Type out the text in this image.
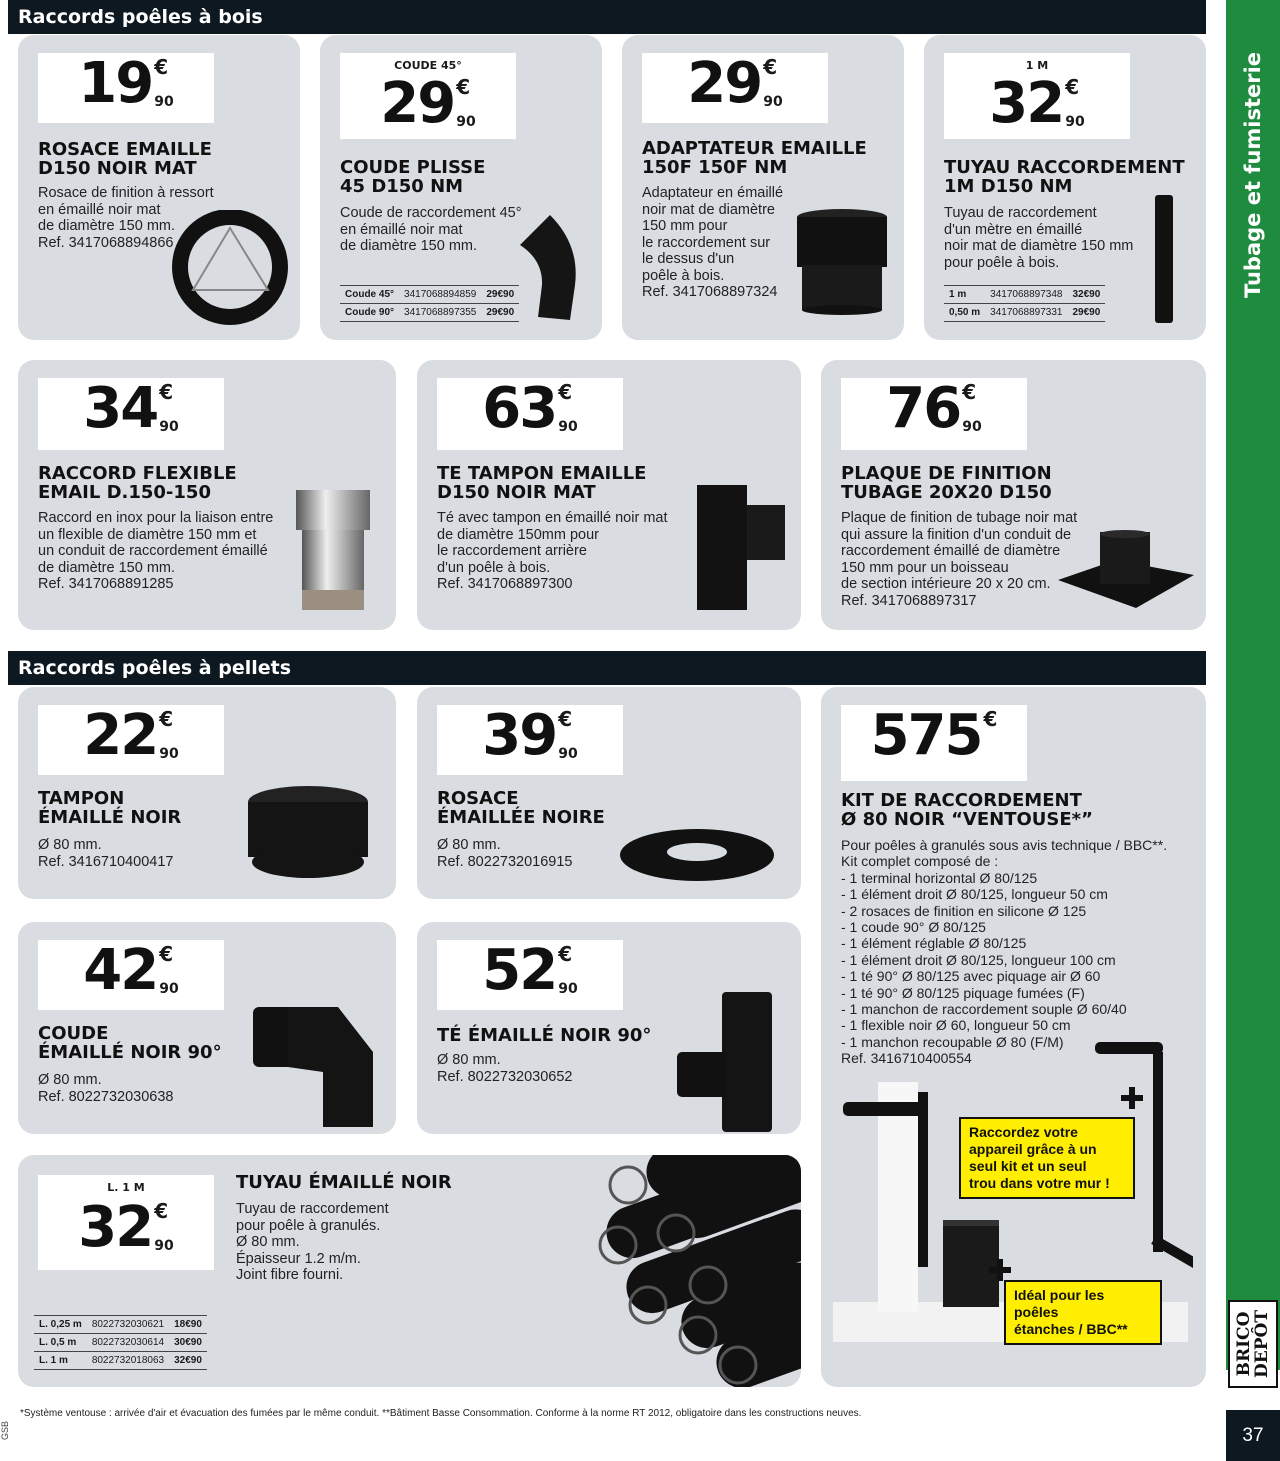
Raccords poêles à bois
Raccords poêles à pellets
Tubage et fumisterie
BRICO
DEPÔT
37
19 €
90
ROSACE EMAILLE
D150 NOIR MAT
Rosace de finition à ressort
en émaillé noir mat
de diamètre 150 mm.
Ref. 3417068894866
COUDE 45°
29 €
90
COUDE PLISSE
45 D150 NM
Coude de raccordement 45°
en émaillé noir mat
de diamètre 150 mm.
Coude 45°	3417068894859	29€90
Coude 90°	3417068897355	29€90
29 €
90
ADAPTATEUR EMAILLE
150F 150F NM
Adaptateur en émaillé
noir mat de diamètre
150 mm pour
le raccordement sur
le dessus d'un
poêle à bois.
Ref. 3417068897324
1 M
32 €
90
TUYAU RACCORDEMENT
1M D150 NM
Tuyau de raccordement
d'un mètre en émaillé
noir mat de diamètre 150 mm
pour poêle à bois.
1 m	3417068897348	32€90
0,50 m	3417068897331	29€90
34 €
90
RACCORD FLEXIBLE
EMAIL D.150-150
Raccord en inox pour la liaison entre
un flexible de diamètre 150 mm et
un conduit de raccordement émaillé
de diamètre 150 mm.
Ref. 3417068891285
63 €
90
TE TAMPON EMAILLE
D150 NOIR MAT
Té avec tampon en émaillé noir mat
de diamètre 150mm pour
le raccordement arrière
d'un poêle à bois.
Ref. 3417068897300
76 €
90
PLAQUE DE FINITION
TUBAGE 20X20 D150
Plaque de finition de tubage noir mat
qui assure la finition d'un conduit de
raccordement émaillé de diamètre
150 mm pour un boisseau
de section intérieure 20 x 20 cm.
Ref. 3417068897317
22 €
90
TAMPON
ÉMAILLÉ NOIR
Ø 80 mm.
Ref. 3416710400417
39 €
90
ROSACE
ÉMAILLÉE NOIRE
Ø 80 mm.
Ref. 8022732016915
575 €
KIT DE RACCORDEMENT
Ø 80 NOIR “VENTOUSE*”
Pour poêles à granulés sous avis technique / BBC**.
Kit complet composé de :
- 1 terminal horizontal Ø 80/125
- 1 élément droit Ø 80/125, longueur 50 cm
- 2 rosaces de finition en silicone Ø 125
- 1 coude 90° Ø 80/125
- 1 élément réglable Ø 80/125
- 1 élément droit Ø 80/125, longueur 100 cm
- 1 té 90° Ø 80/125 avec piquage air Ø 60
- 1 té 90° Ø 80/125 piquage fumées (F)
- 1 manchon de raccordement souple Ø 60/40
- 1 flexible noir Ø 60, longueur 50 cm
- 1 manchon recoupable Ø 80 (F/M)
Ref. 3416710400554
Raccordez votre
appareil grâce à un
seul kit et un seul
trou dans votre mur !
Idéal pour les poêles
étanches / BBC**
42 €
90
COUDE
ÉMAILLÉ NOIR 90°
Ø 80 mm.
Ref. 8022732030638
52 €
90
TÉ ÉMAILLÉ NOIR 90°
Ø 80 mm.
Ref. 8022732030652
L. 1 M
32 €
90
TUYAU ÉMAILLÉ NOIR
Tuyau de raccordement
pour poêle à granulés.
Ø 80 mm.
Épaisseur 1.2 m/m.
Joint fibre fourni.
L. 0,25 m	8022732030621	18€90
L. 0,5 m	8022732030614	30€90
L. 1 m	8022732018063	32€90
*Système ventouse : arrivée d'air et évacuation des fumées par le même conduit. **Bâtiment Basse Consommation. Conforme à la norme RT 2012, obligatoire dans les constructions neuves.
GSB
